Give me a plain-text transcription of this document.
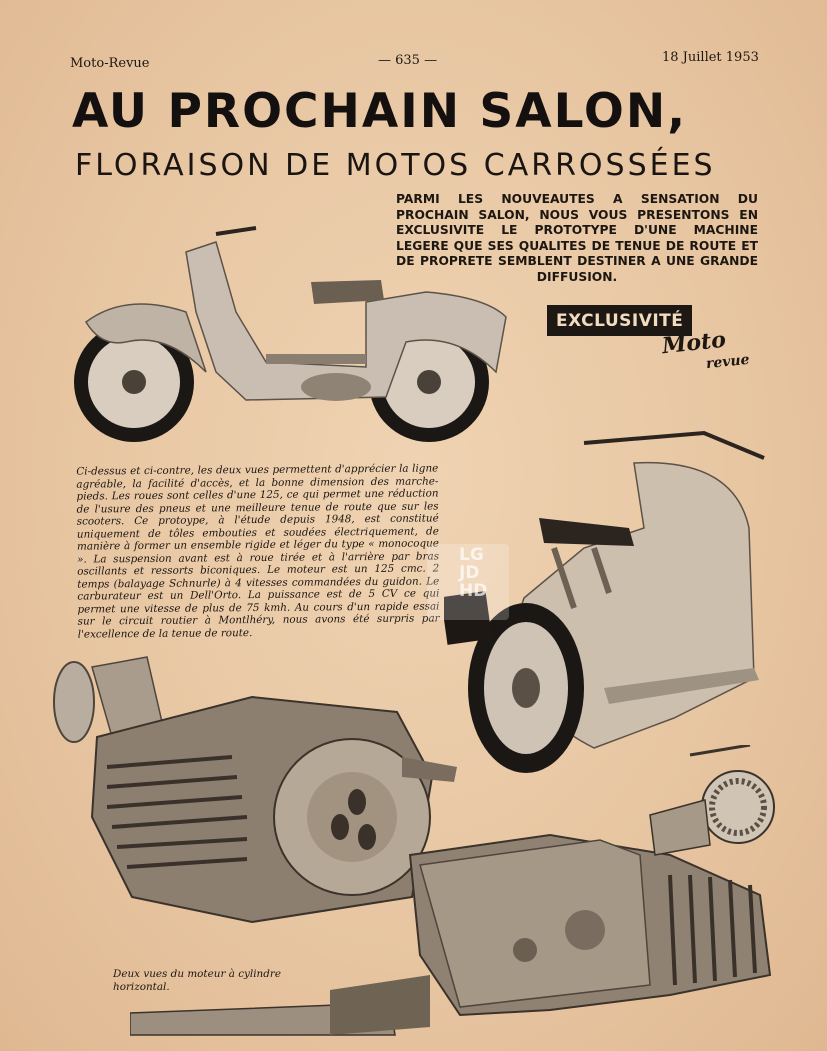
Moto-Revue	— 635 —	18 Juillet 1953
AU PROCHAIN SALON,
FLORAISON DE MOTOS CARROSSÉES
PARMI LES NOUVEAUTES A SENSATION DU PROCHAIN SALON, NOUS VOUS PRESENTONS EN EXCLUSIVITE LE PROTOTYPE D'UNE MACHINE LEGERE QUE SES QUALITES DE TENUE DE ROUTE ET DE PROPRETE SEMBLENT DESTINER A UNE GRANDE DIFFUSION.
EXCLUSIVITÉ
Moto
revue
Ci-dessus et ci-contre, les deux vues permettent d'apprécier la ligne agréable, la facilité d'accès, et la bonne dimension des marche-pieds. Les roues sont celles d'une 125, ce qui permet une réduction de l'usure des pneus et une meilleure tenue de route que sur les scooters. Ce protoype, à l'étude depuis 1948, est constitué uniquement de tôles embouties et soudées électriquement, de manière à former un ensemble rigide et léger du type « monocoque ». La suspension avant est à roue tirée et à l'arrière par bras oscillants et ressorts biconiques. Le moteur est un 125 cmc. 2 temps (balayage Schnurle) à 4 vitesses commandées du guidon. Le carburateur est un Dell'Orto. La puissance est de 5 CV ce qui permet une vitesse de plus de 75 kmh. Au cours d'un rapide essai sur le circuit routier à Montlhéry, nous avons été surpris par l'excellence de la tenue de route.
Deux vues du moteur à cylindre horizontal.
LG
JD
HD
